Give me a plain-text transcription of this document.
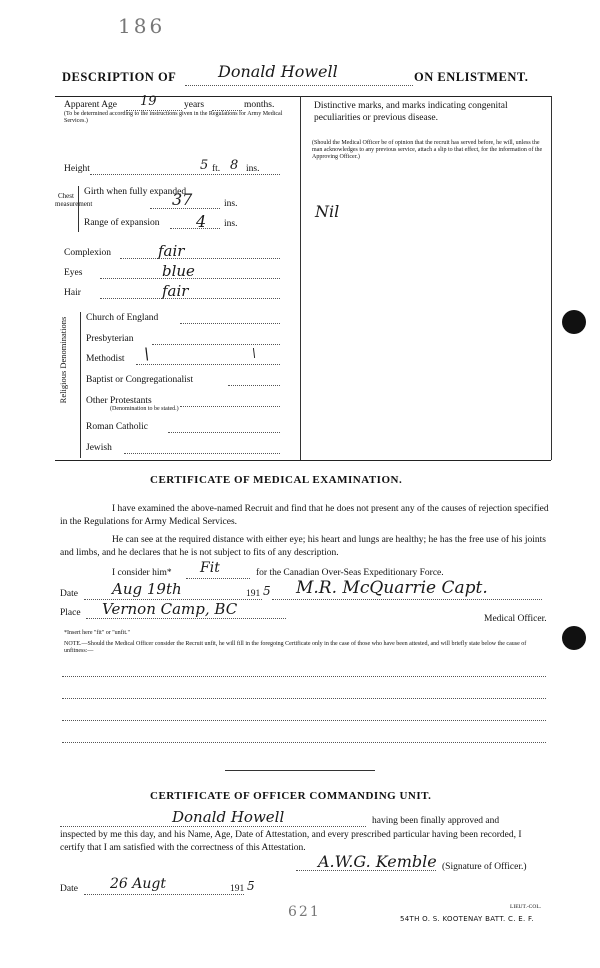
186
DESCRIPTION OF	Donald Howell	ON ENLISTMENT.
Apparent Age 19	years	months.
(To be determined according to the instructions given in the Regulations for Army Medical Services.)
Distinctive marks, and marks indicating congenital peculiarities or previous disease.
(Should the Medical Officer be of opinion that the recruit has served before, he will, unless the man acknowledges to any previous service, attach a slip to that effect, for the information of the Approving Officer.)
Nil
Height	5 ft. 8 ins.
Chest measurement
Girth when fully expanded
37	ins.
Range of expansion 4 ins.
Complexion	fair
Eyes	blue
Hair	fair
Religious Denominations Church of England
Presbyterian
Methodist \	\
Baptist or Congregationalist
Other Protestants
(Denomination to be stated.)
Roman Catholic
Jewish
CERTIFICATE OF MEDICAL EXAMINATION.
I have examined the above-named Recruit and find that he does not present any of the causes of rejection specified in the Regulations for Army Medical Services.
He can see at the required distance with either eye; his heart and lungs are healthy; he has the free use of his joints and limbs, and he declares that he is not subject to fits of any description.
I consider him* Fit	for the Canadian Over-Seas Expeditionary Force.
Date Aug 19th	191 5 M.R. McQuarrie Capt.
Place Vernon Camp, BC
Medical Officer.
*Insert here "fit" or "unfit."
NOTE.—Should the Medical Officer consider the Recruit unfit, he will fill in the foregoing Certificate only in the case of those who have been attested, and will briefly state below the cause of unfitness:—
CERTIFICATE OF OFFICER COMMANDING UNIT.
Donald Howell	having been finally approved and
inspected by me this day, and his Name, Age, Date of Attestation, and every prescribed particular having been recorded, I certify that I am satisfied with the correctness of this Attestation.
A.W.G. Kemble (Signature of Officer.)
Date 26 Augt	191 5
621	LIEUT.-COL.
54TH O. S. KOOTENAY BATT. C. E. F.
